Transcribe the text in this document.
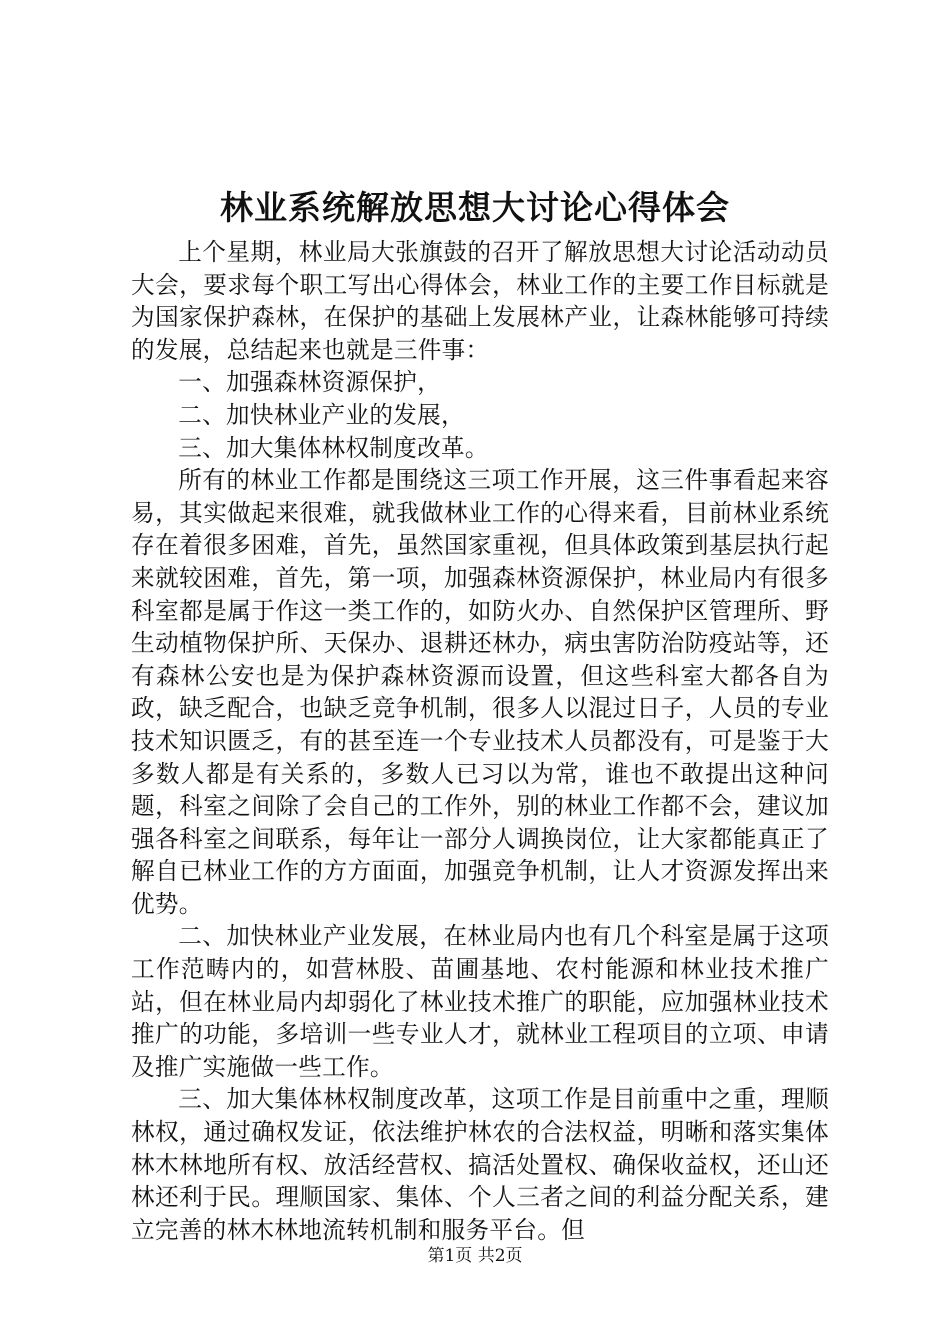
林业系统解放思想大讨论心得体会

上个星期，林业局大张旗鼓的召开了解放思想大讨论活动动员大会，要求每个职工写出心得体会，林业工作的主要工作目标就是为国家保护森林，在保护的基础上发展林产业，让森林能够可持续的发展，总结起来也就是三件事：

一、加强森林资源保护，

二、加快林业产业的发展，

三、加大集体林权制度改革。

所有的林业工作都是围绕这三项工作开展，这三件事看起来容易，其实做起来很难，就我做林业工作的心得来看，目前林业系统存在着很多困难，首先，虽然国家重视，但具体政策到基层执行起来就较困难，首先，第一项，加强森林资源保护，林业局内有很多科室都是属于作这一类工作的，如防火办、自然保护区管理所、野生动植物保护所、天保办、退耕还林办，病虫害防治防疫站等，还有森林公安也是为保护森林资源而设置，但这些科室大都各自为政，缺乏配合，也缺乏竞争机制，很多人以混过日子，人员的专业技术知识匮乏，有的甚至连一个专业技术人员都没有，可是鉴于大多数人都是有关系的，多数人已习以为常，谁也不敢提出这种问题，科室之间除了会自己的工作外，别的林业工作都不会，建议加强各科室之间联系，每年让一部分人调换岗位，让大家都能真正了解自已林业工作的方方面面，加强竞争机制，让人才资源发挥出来优势。

二、加快林业产业发展，在林业局内也有几个科室是属于这项工作范畴内的，如营林股、苗圃基地、农村能源和林业技术推广站，但在林业局内却弱化了林业技术推广的职能，应加强林业技术推广的功能，多培训一些专业人才，就林业工程项目的立项、申请及推广实施做一些工作。

三、加大集体林权制度改革，这项工作是目前重中之重，理顺林权，通过确权发证，依法维护林农的合法权益，明晰和落实集体林木林地所有权、放活经营权、搞活处置权、确保收益权，还山还林还利于民。理顺国家、集体、个人三者之间的利益分配关系，建立完善的林木林地流转机制和服务平台。但

第1页 共2页
